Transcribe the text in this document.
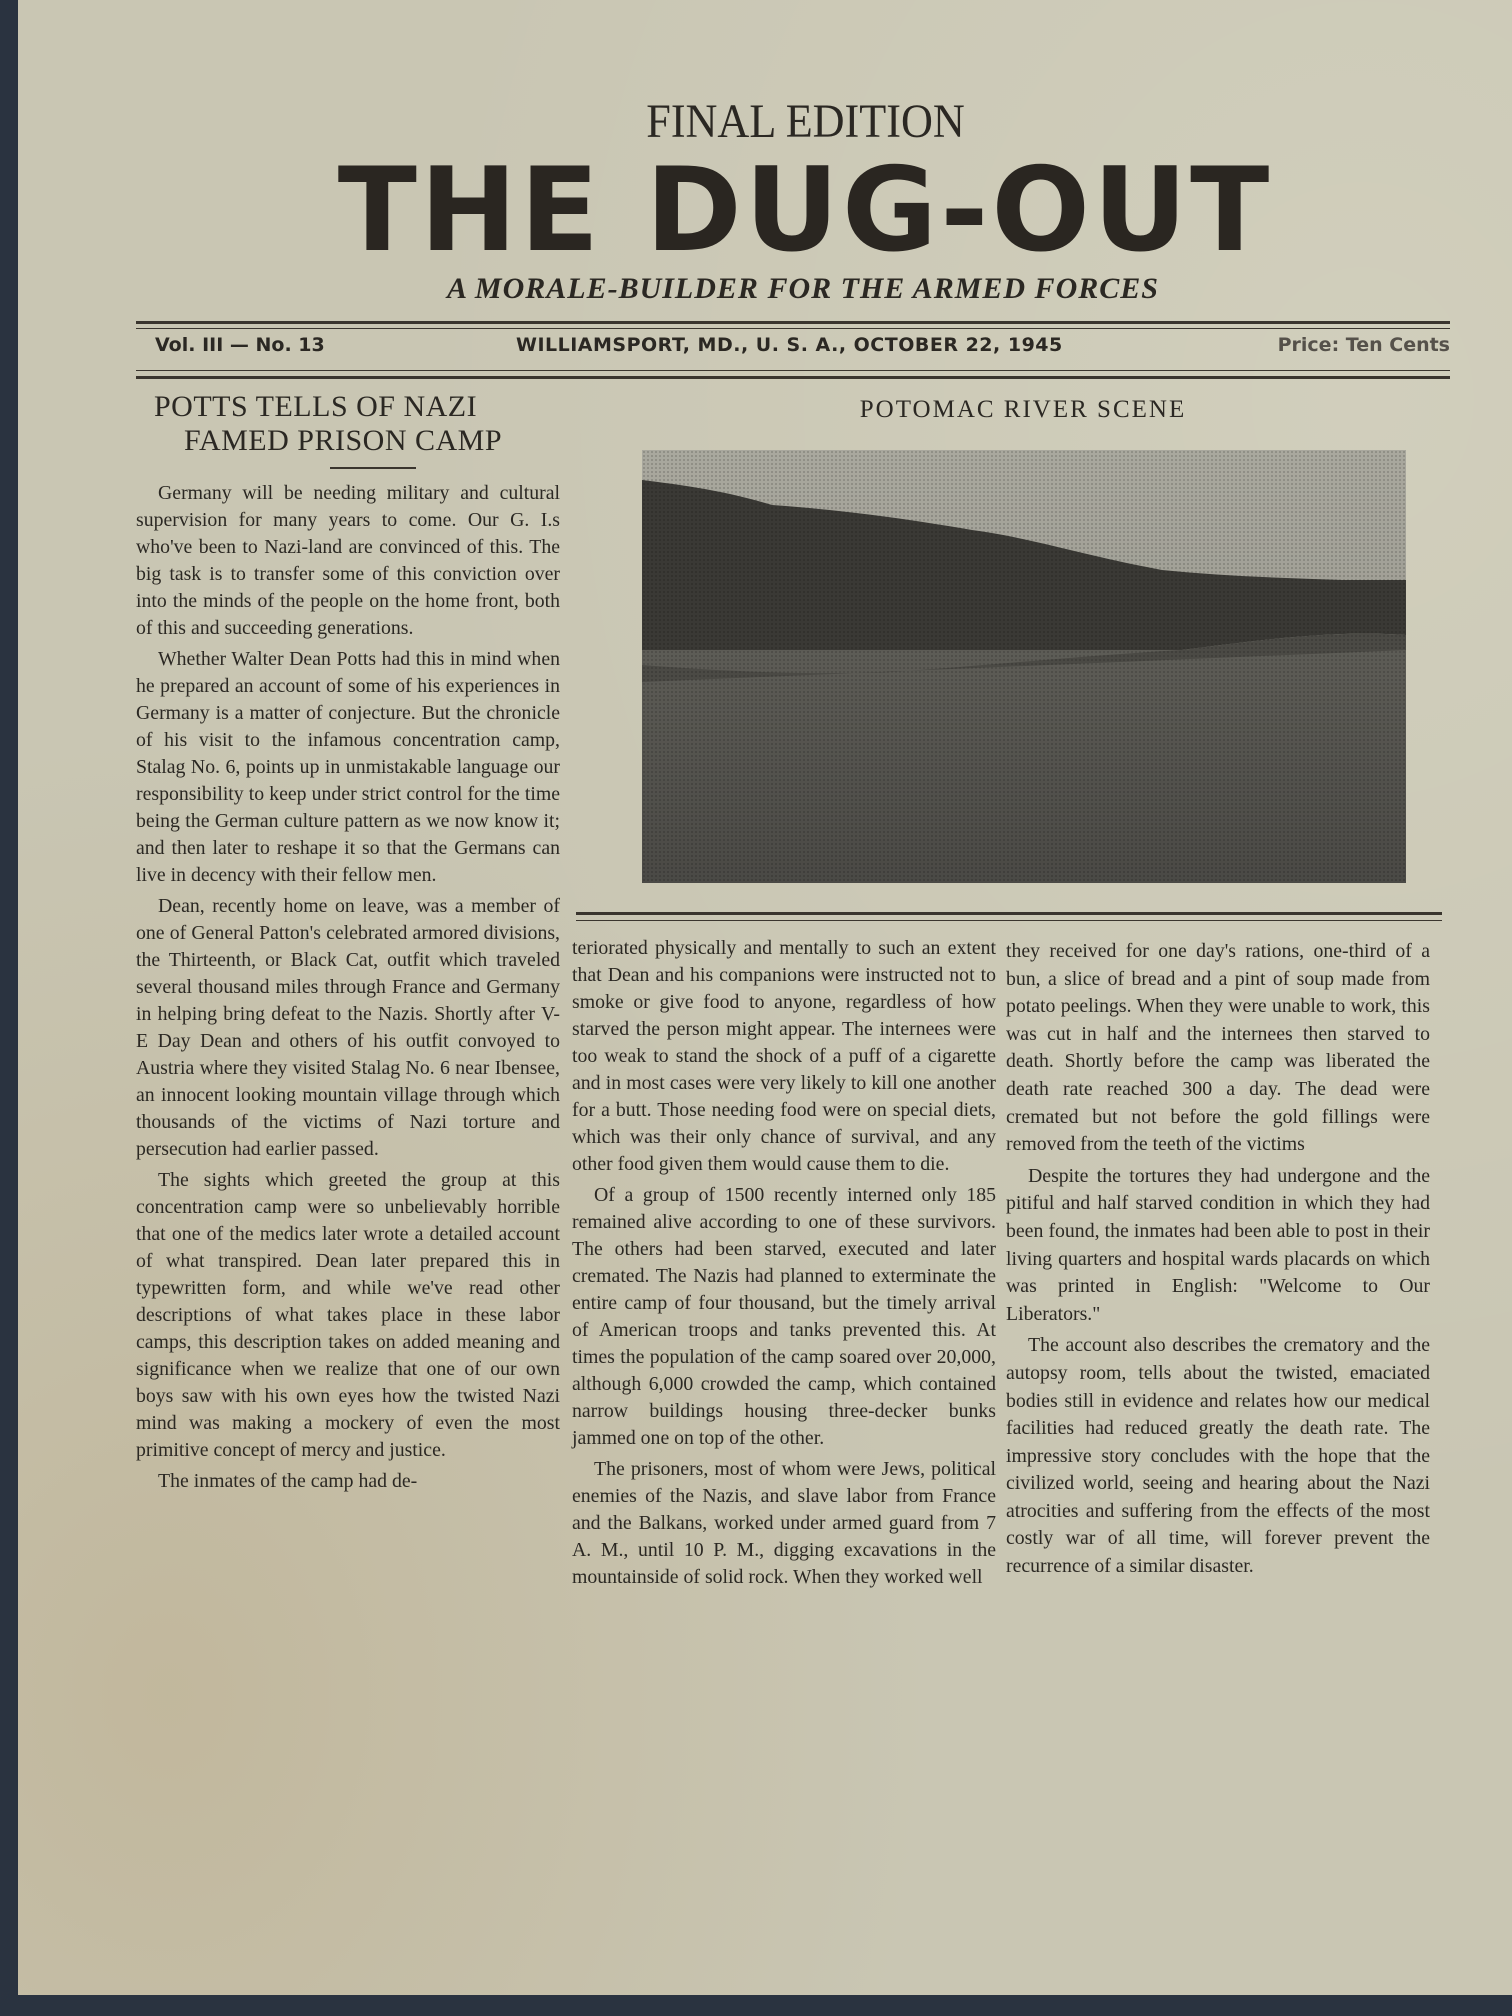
FINAL EDITION
THE DUG-OUT
A MORALE-BUILDER FOR THE ARMED FORCES
Vol. III — No. 13	WILLIAMSPORT, MD., U. S. A., OCTOBER 22, 1945	Price: Ten Cents
POTTS TELLS OF NAZI
FAMED PRISON CAMP

Germany will be needing military and cultural supervision for many years to come. Our G. I.s who've been to Nazi-land are convinced of this. The big task is to transfer some of this conviction over into the minds of the people on the home front, both of this and succeeding generations.

Whether Walter Dean Potts had this in mind when he prepared an account of some of his experiences in Germany is a matter of conjecture. But the chronicle of his visit to the infamous concentration camp, Stalag No. 6, points up in unmistakable language our responsibility to keep under strict control for the time being the German culture pattern as we now know it; and then later to reshape it so that the Germans can live in decency with their fellow men.

Dean, recently home on leave, was a member of one of General Patton's celebrated armored divisions, the Thirteenth, or Black Cat, outfit which traveled several thousand miles through France and Germany in helping bring defeat to the Nazis. Shortly after V-E Day Dean and others of his outfit convoyed to Austria where they visited Stalag No. 6 near Ibensee, an innocent looking mountain village through which thousands of the victims of Nazi torture and persecution had earlier passed.

The sights which greeted the group at this concentration camp were so unbelievably horrible that one of the medics later wrote a detailed account of what transpired. Dean later prepared this in typewritten form, and while we've read other descriptions of what takes place in these labor camps, this description takes on added meaning and significance when we realize that one of our own boys saw with his own eyes how the twisted Nazi mind was making a mockery of even the most primitive concept of mercy and justice.

The inmates of the camp had de-

POTOMAC RIVER SCENE

teriorated physically and mentally to such an extent that Dean and his companions were instructed not to smoke or give food to anyone, regardless of how starved the person might appear. The internees were too weak to stand the shock of a puff of a cigarette and in most cases were very likely to kill one another for a butt. Those needing food were on special diets, which was their only chance of survival, and any other food given them would cause them to die.

Of a group of 1500 recently interned only 185 remained alive according to one of these survivors. The others had been starved, executed and later cremated. The Nazis had planned to exterminate the entire camp of four thousand, but the timely arrival of American troops and tanks prevented this. At times the population of the camp soared over 20,000, although 6,000 crowded the camp, which contained narrow buildings housing three-decker bunks jammed one on top of the other.

The prisoners, most of whom were Jews, political enemies of the Nazis, and slave labor from France and the Balkans, worked under armed guard from 7 A. M., until 10 P. M., digging excavations in the mountainside of solid rock. When they worked well

they received for one day's rations, one-third of a bun, a slice of bread and a pint of soup made from potato peelings. When they were unable to work, this was cut in half and the internees then starved to death. Shortly before the camp was liberated the death rate reached 300 a day. The dead were cremated but not before the gold fillings were removed from the teeth of the victims

Despite the tortures they had undergone and the pitiful and half starved condition in which they had been found, the inmates had been able to post in their living quarters and hospital wards placards on which was printed in English: "Welcome to Our Liberators."

The account also describes the crematory and the autopsy room, tells about the twisted, emaciated bodies still in evidence and relates how our medical facilities had reduced greatly the death rate. The impressive story concludes with the hope that the civilized world, seeing and hearing about the Nazi atrocities and suffering from the effects of the most costly war of all time, will forever prevent the recurrence of a similar disaster.
